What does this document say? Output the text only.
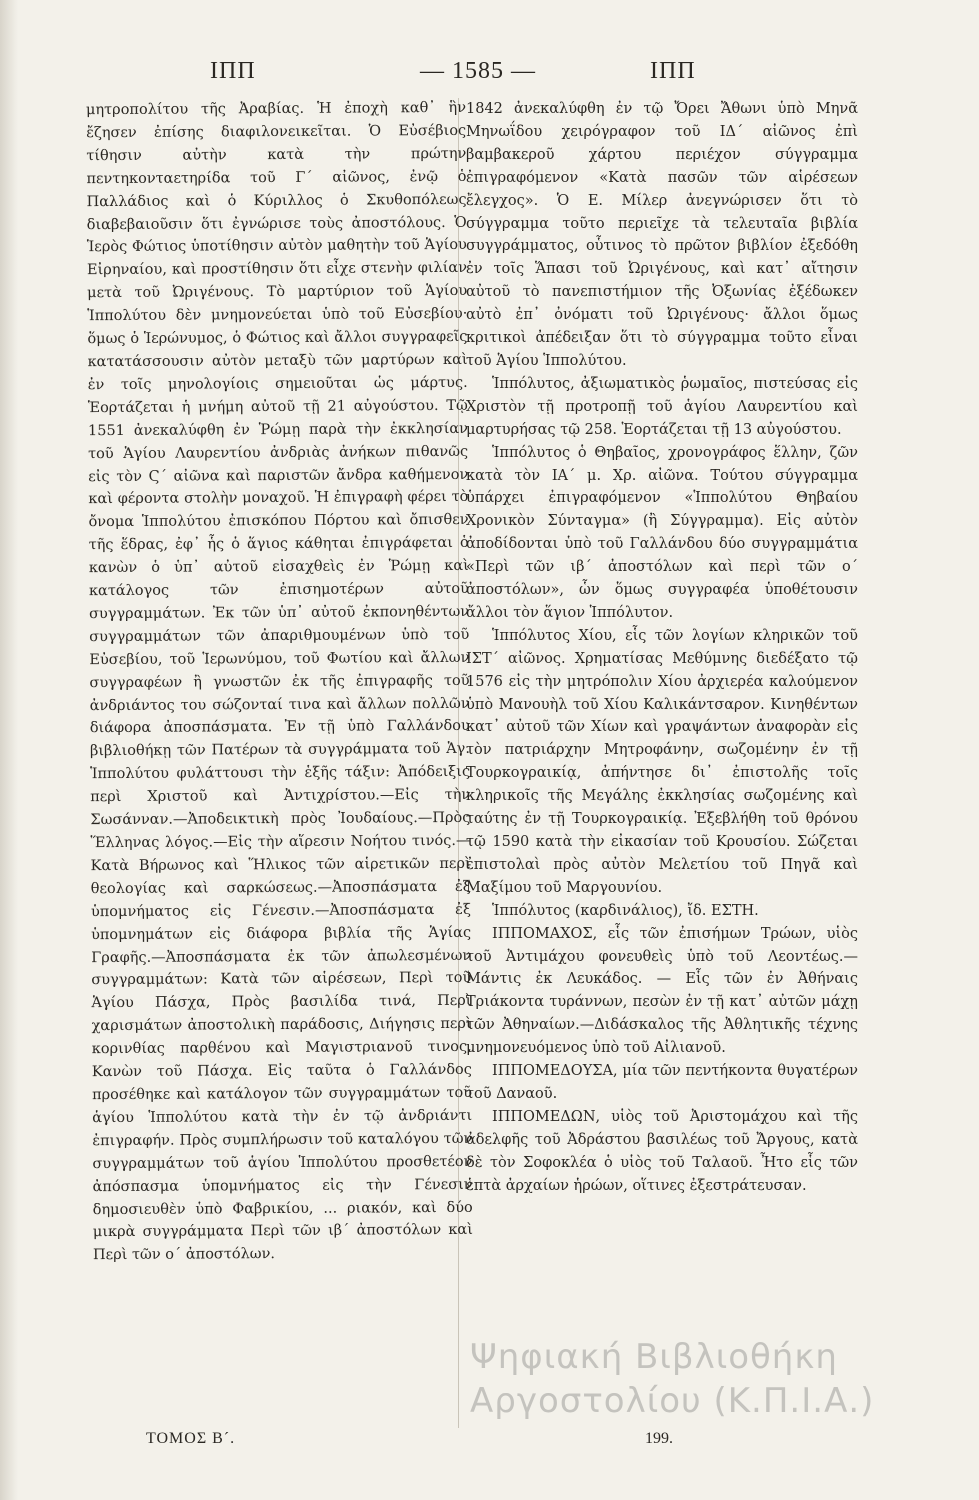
ΙΠΠ	— 1585 —	ΙΠΠ

μητροπολίτου τῆς Ἀραβίας. Ἡ ἐποχὴ καθ᾽ ἣν ἔζησεν ἐπίσης διαφιλονεικεῖται. Ὁ Εὐσέβιος τίθησιν αὐτὴν κατὰ τὴν πρώτην πεντηκονταετηρίδα τοῦ Γ´ αἰῶνος, ἐνῷ ὁ Παλλάδιος καὶ ὁ Κύριλλος ὁ Σκυθοπόλεως διαβεβαιοῦσιν ὅτι ἐγνώρισε τοὺς ἀποστόλους. Ὁ Ἱερὸς Φώτιος ὑποτίθησιν αὐτὸν μαθητὴν τοῦ Ἁγίου Εἰρηναίου, καὶ προστίθησιν ὅτι εἶχε στενὴν φιλίαν μετὰ τοῦ Ὠριγένους. Τὸ μαρτύριον τοῦ Ἁγίου Ἱππολύτου δὲν μνημονεύεται ὑπὸ τοῦ Εὐσεβίου· ὅμως ὁ Ἱερώνυμος, ὁ Φώτιος καὶ ἄλλοι συγγραφεῖς κατατάσσουσιν αὐτὸν μεταξὺ τῶν μαρτύρων καὶ ἐν τοῖς μηνολογίοις σημειοῦται ὡς μάρτυς. Ἑορτάζεται ἡ μνήμη αὐτοῦ τῇ 21 αὐγούστου. Τῷ 1551 ἀνεκαλύφθη ἐν Ῥώμῃ παρὰ τὴν ἐκκλησίαν τοῦ Ἁγίου Λαυρεντίου ἀνδριὰς ἀνήκων πιθανῶς εἰς τὸν Ϛ´ αἰῶνα καὶ παριστῶν ἄνδρα καθήμενον καὶ φέροντα στολὴν μοναχοῦ. Ἡ ἐπιγραφὴ φέρει τὸ ὄνομα Ἱππολύτου ἐπισκόπου Πόρτου καὶ ὄπισθεν τῆς ἕδρας, ἐφ᾽ ἧς ὁ ἅγιος κάθηται ἐπιγράφεται ὁ κανὼν ὁ ὑπ᾽ αὐτοῦ εἰσαχθεὶς ἐν Ῥώμῃ καὶ κατάλογος τῶν ἐπισημοτέρων αὐτοῦ συγγραμμάτων. Ἐκ τῶν ὑπ᾽ αὐτοῦ ἐκπονηθέντων συγγραμμάτων τῶν ἀπαριθμουμένων ὑπὸ τοῦ Εὐσεβίου, τοῦ Ἱερωνύμου, τοῦ Φωτίου καὶ ἄλλων συγγραφέων ἢ γνωστῶν ἐκ τῆς ἐπιγραφῆς τοῦ ἀνδριάντος του σώζονταί τινα καὶ ἄλλων πολλῶν διάφορα ἀποσπάσματα. Ἐν τῇ ὑπὸ Γαλλάνδου βιβλιοθήκῃ τῶν Πατέρων τὰ συγγράμματα τοῦ Ἁγ. Ἱππολύτου φυλάττουσι τὴν ἑξῆς τάξιν: Ἀπόδειξις περὶ Χριστοῦ καὶ Ἀντιχρίστου.—Εἰς τὴν Σωσάνναν.—Ἀποδεικτικὴ πρὸς Ἰουδαίους.—Πρὸς Ἕλληνας λόγος.—Εἰς τὴν αἵρεσιν Νοήτου τινός.—Κατὰ Βήρωνος καὶ Ἥλικος τῶν αἱρετικῶν περὶ θεολογίας καὶ σαρκώσεως.—Ἀποσπάσματα ἐξ ὑπομνήματος εἰς Γένεσιν.—Ἀποσπάσματα ἐξ ὑπομνημάτων εἰς διάφορα βιβλία τῆς Ἁγίας Γραφῆς.—Ἀποσπάσματα ἐκ τῶν ἀπωλεσμένων συγγραμμάτων: Κατὰ τῶν αἱρέσεων, Περὶ τοῦ Ἁγίου Πάσχα, Πρὸς βασιλίδα τινά, Περὶ χαρισμάτων ἀποστολικὴ παράδοσις, Διήγησις περὶ κορινθίας παρθένου καὶ Μαγιστριανοῦ τινος, Κανὼν τοῦ Πάσχα. Εἰς ταῦτα ὁ Γαλλάνδος προσέθηκε καὶ κατάλογον τῶν συγγραμμάτων τοῦ ἁγίου Ἱππολύτου κατὰ τὴν ἐν τῷ ἀνδριάντι ἐπιγραφήν. Πρὸς συμπλήρωσιν τοῦ καταλόγου τῶν συγγραμμάτων τοῦ ἁγίου Ἱππολύτου προσθετέον ἀπόσπασμα ὑπομνήματος εἰς τὴν Γένεσιν δημοσιευθὲν ὑπὸ Φαβρικίου, ... ριακόν, καὶ δύο μικρὰ συγγράμματα Περὶ τῶν ιβ´ ἀποστόλων καὶ Περὶ τῶν ο´ ἀποστόλων.

1842 ἀνεκαλύφθη ἐν τῷ Ὄρει Ἄθωνι ὑπὸ Μηνᾶ Μηνωΐδου χειρόγραφον τοῦ ΙΔ´ αἰῶνος ἐπὶ βαμβακεροῦ χάρτου περιέχον σύγγραμμα ἐπιγραφόμενον «Κατὰ πασῶν τῶν αἱρέσεων ἔλεγχος». Ὁ Ε. Μίλερ ἀνεγνώρισεν ὅτι τὸ σύγγραμμα τοῦτο περιεῖχε τὰ τελευταῖα βιβλία συγγράμματος, οὗτινος τὸ πρῶτον βιβλίον ἐξεδόθη ἐν τοῖς Ἅπασι τοῦ Ὠριγένους, καὶ κατ᾽ αἴτησιν αὐτοῦ τὸ πανεπιστήμιον τῆς Ὀξωνίας ἐξέδωκεν αὐτὸ ἐπ᾽ ὀνόματι τοῦ Ὠριγένους· ἄλλοι ὅμως κριτικοὶ ἀπέδειξαν ὅτι τὸ σύγγραμμα τοῦτο εἶναι τοῦ Ἁγίου Ἱππολύτου.

Ἱππόλυτος, ἀξιωματικὸς ῥωμαῖος, πιστεύσας εἰς Χριστὸν τῇ προτροπῇ τοῦ ἁγίου Λαυρεντίου καὶ μαρτυρήσας τῷ 258. Ἑορτάζεται τῇ 13 αὐγούστου.

Ἱππόλυτος ὁ Θηβαῖος, χρονογράφος ἕλλην, ζῶν κατὰ τὸν ΙΑ´ μ. Χρ. αἰῶνα. Τούτου σύγγραμμα ὑπάρχει ἐπιγραφόμενον «Ἱππολύτου Θηβαίου Χρονικὸν Σύνταγμα» (ἢ Σύγγραμμα). Εἰς αὐτὸν ἀποδίδονται ὑπὸ τοῦ Γαλλάνδου δύο συγγραμμάτια «Περὶ τῶν ιβ´ ἀποστόλων καὶ περὶ τῶν ο´ ἀποστόλων», ὧν ὅμως συγγραφέα ὑποθέτουσιν ἄλλοι τὸν ἅγιον Ἱππόλυτον.

Ἱππόλυτος Χίου, εἷς τῶν λογίων κληρικῶν τοῦ ΙΣΤ´ αἰῶνος. Χρηματίσας Μεθύμνης διεδέξατο τῷ 1576 εἰς τὴν μητρόπολιν Χίου ἀρχιερέα καλούμενον ὑπὸ Μανουὴλ τοῦ Χίου Καλικάντσαρον. Κινηθέντων κατ᾽ αὐτοῦ τῶν Χίων καὶ γραψάντων ἀναφορὰν εἰς τὸν πατριάρχην Μητροφάνην, σωζομένην ἐν τῇ Τουρκογραικίᾳ, ἀπήντησε δι᾽ ἐπιστολῆς τοῖς κληρικοῖς τῆς Μεγάλης ἐκκλησίας σωζομένης καὶ ταύτης ἐν τῇ Τουρκογραικίᾳ. Ἐξεβλήθη τοῦ θρόνου τῷ 1590 κατὰ τὴν εἰκασίαν τοῦ Κρουσίου. Σώζεται ἐπιστολαὶ πρὸς αὐτὸν Μελετίου τοῦ Πηγᾶ καὶ Μαξίμου τοῦ Μαργουνίου.

Ἱππόλυτος (καρδινάλιος), ἴδ. ΕΣΤΗ.

ΙΠΠΟΜΑΧΟΣ, εἷς τῶν ἐπισήμων Τρώων, υἱὸς τοῦ Ἀντιμάχου φονευθεὶς ὑπὸ τοῦ Λεοντέως.— Μάντις ἐκ Λευκάδος. — Εἷς τῶν ἐν Ἀθήναις Τριάκοντα τυράννων, πεσὼν ἐν τῇ κατ᾽ αὐτῶν μάχῃ τῶν Ἀθηναίων.—Διδάσκαλος τῆς Ἀθλητικῆς τέχνης μνημονευόμενος ὑπὸ τοῦ Αἰλιανοῦ.

ΙΠΠΟΜΕΔΟΥΣΑ, μία τῶν πεντήκοντα θυγατέρων τοῦ Δαναοῦ.

ΙΠΠΟΜΕΔΩΝ, υἱὸς τοῦ Ἀριστομάχου καὶ τῆς ἀδελφῆς τοῦ Ἀδράστου βασιλέως τοῦ Ἄργους, κατὰ δὲ τὸν Σοφοκλέα ὁ υἱὸς τοῦ Ταλαοῦ. Ἦτο εἷς τῶν ἑπτὰ ἀρχαίων ἡρώων, οἵτινες ἐξεστράτευσαν.

Ψηφιακή Βιβλιοθήκη
Αργοστολίου (Κ.Π.Ι.Α.)
ΤΟΜΟΣ Β´.	199.
